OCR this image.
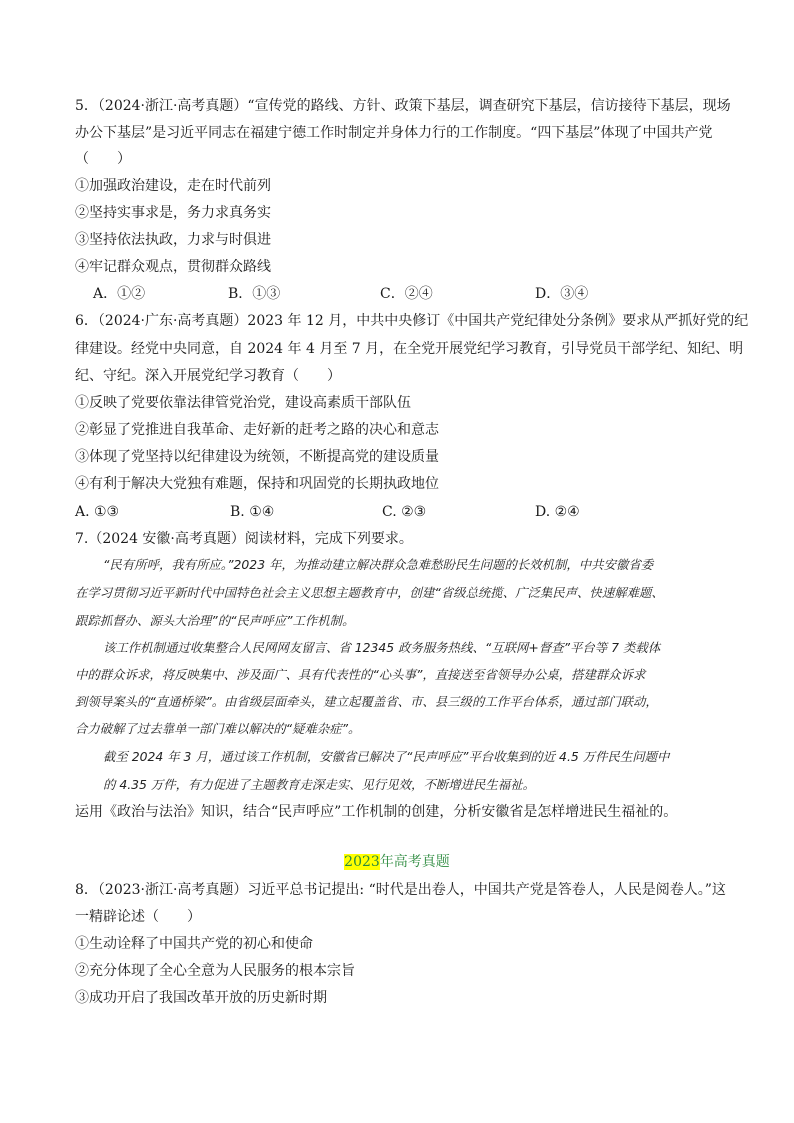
5．（2024·浙江·高考真题）“宣传党的路线、方针、政策下基层，调查研究下基层，信访接待下基层，现场
办公下基层”是习近平同志在福建宁德工作时制定并身体力行的工作制度。“四下基层”体现了中国共产党
（　　）
①加强政治建设，走在时代前列
②坚持实事求是，务力求真务实
③坚持依法执政，力求与时俱进
④牢记群众观点，贯彻群众路线
A．①②	B．①③	C．②④	D．③④
6．（2024·广东·高考真题）2023 年 12 月，中共中央修订《中国共产党纪律处分条例》要求从严抓好党的纪
律建设。经党中央同意，自 2024 年 4 月至 7 月，在全党开展党纪学习教育，引导党员干部学纪、知纪、明
纪、守纪。深入开展党纪学习教育（　　）
①反映了党要依靠法律管党治党，建设高素质干部队伍
②彰显了党推进自我革命、走好新的赶考之路的决心和意志
③体现了党坚持以纪律建设为统领，不断提高党的建设质量
④有利于解决大党独有难题，保持和巩固党的长期执政地位
A. ①③	B. ①④	C. ②③	D. ②④
7.（2024 安徽·高考真题）阅读材料，完成下列要求。
“民有所呼，我有所应。”2023 年，为推动建立解决群众急难愁盼民生问题的长效机制，中共安徽省委
在学习贯彻习近平新时代中国特色社会主义思想主题教育中，创建“省级总统揽、广泛集民声、快速解难题、
跟踪抓督办、源头大治理”的“民声呼应”工作机制。
该工作机制通过收集整合人民网网友留言、省 12345 政务服务热线、“互联网+督查”平台等 7 类载体
中的群众诉求，将反映集中、涉及面广、具有代表性的“心头事”，直接送至省领导办公桌，搭建群众诉求
到领导案头的“直通桥梁”。由省级层面牵头，建立起覆盖省、市、县三级的工作平台体系，通过部门联动，
合力破解了过去靠单一部门难以解决的“疑难杂症”。
截至 2024 年 3 月，通过该工作机制，安徽省已解决了“民声呼应”平台收集到的近 4.5 万件民生问题中
的 4.35 万件，有力促进了主题教育走深走实、见行见效，不断增进民生福祉。
运用《政治与法治》知识，结合“民声呼应”工作机制的创建，分析安徽省是怎样增进民生福祉的。
2023年高考真题
8．（2023·浙江·高考真题）习近平总书记提出: “时代是出卷人，中国共产党是答卷人，人民是阅卷人。”这
一精辟论述（　　）
①生动诠释了中国共产党的初心和使命
②充分体现了全心全意为人民服务的根本宗旨
③成功开启了我国改革开放的历史新时期
